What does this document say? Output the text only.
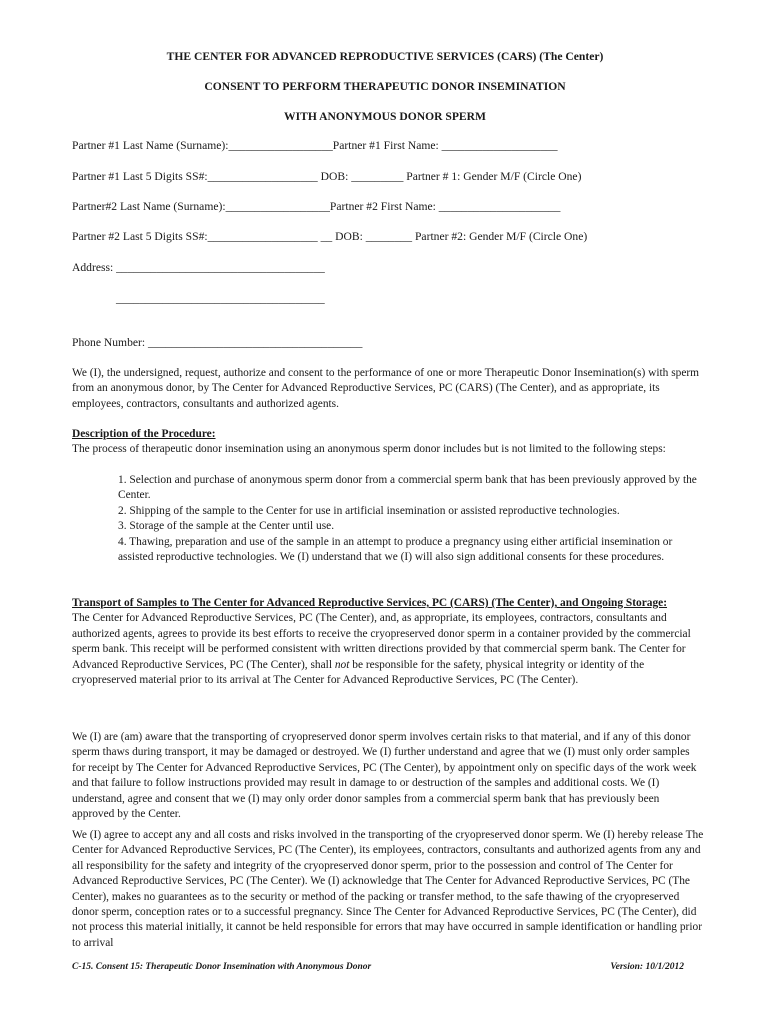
THE CENTER FOR ADVANCED REPRODUCTIVE SERVICES (CARS) (The Center)
CONSENT TO PERFORM THERAPEUTIC DONOR INSEMINATION
WITH ANONYMOUS DONOR SPERM
Partner #1 Last Name (Surname):__________________Partner #1 First Name: ____________________
Partner #1 Last 5 Digits SS#:___________________ DOB: _________ Partner # 1: Gender M/F (Circle One)
Partner#2 Last Name (Surname):__________________Partner #2 First Name: _____________________
Partner #2 Last 5 Digits SS#:___________________ __ DOB: ________ Partner #2: Gender M/F (Circle One)
Address: ____________________________________
____________________________________
Phone Number: _____________________________________

We (I), the undersigned, request, authorize and consent to the performance of one or more Therapeutic Donor Insemination(s) with sperm from an anonymous donor, by The Center for Advanced Reproductive Services, PC (CARS) (The Center), and as appropriate, its employees, contractors, consultants and authorized agents.

Description of the Procedure:
The process of therapeutic donor insemination using an anonymous sperm donor includes but is not limited to the following steps:
1. Selection and purchase of anonymous sperm donor from a commercial sperm bank that has been previously approved by the Center.
2. Shipping of the sample to the Center for use in artificial insemination or assisted reproductive technologies.
3. Storage of the sample at the Center until use.
4. Thawing, preparation and use of the sample in an attempt to produce a pregnancy using either artificial insemination or assisted reproductive technologies. We (I) understand that we (I) will also sign additional consents for these procedures.
Transport of Samples to The Center for Advanced Reproductive Services, PC (CARS) (The Center), and Ongoing Storage:
The Center for Advanced Reproductive Services, PC (The Center), and, as appropriate, its employees, contractors, consultants and authorized agents, agrees to provide its best efforts to receive the cryopreserved donor sperm in a container provided by the commercial sperm bank. This receipt will be performed consistent with written directions provided by that commercial sperm bank. The Center for Advanced Reproductive Services, PC (The Center), shall not be responsible for the safety, physical integrity or identity of the cryopreserved material prior to its arrival at The Center for Advanced Reproductive Services, PC (The Center).

We (I) are (am) aware that the transporting of cryopreserved donor sperm involves certain risks to that material, and if any of this donor sperm thaws during transport, it may be damaged or destroyed. We (I) further understand and agree that we (I) must only order samples for receipt by The Center for Advanced Reproductive Services, PC (The Center), by appointment only on specific days of the work week and that failure to follow instructions provided may result in damage to or destruction of the samples and additional costs. We (I) understand, agree and consent that we (I) may only order donor samples from a commercial sperm bank that has previously been approved by the Center.

We (I) agree to accept any and all costs and risks involved in the transporting of the cryopreserved donor sperm. We (I) hereby release The Center for Advanced Reproductive Services, PC (The Center), its employees, contractors, consultants and authorized agents from any and all responsibility for the safety and integrity of the cryopreserved donor sperm, prior to the possession and control of The Center for Advanced Reproductive Services, PC (The Center). We (I) acknowledge that The Center for Advanced Reproductive Services, PC (The Center), makes no guarantees as to the security or method of the packing or transfer method, to the safe thawing of the cryopreserved donor sperm, conception rates or to a successful pregnancy. Since The Center for Advanced Reproductive Services, PC (The Center), did not process this material initially, it cannot be held responsible for errors that may have occurred in sample identification or handling prior to arrival

C-15. Consent 15: Therapeutic Donor Insemination with Anonymous Donor	Version: 10/1/2012
